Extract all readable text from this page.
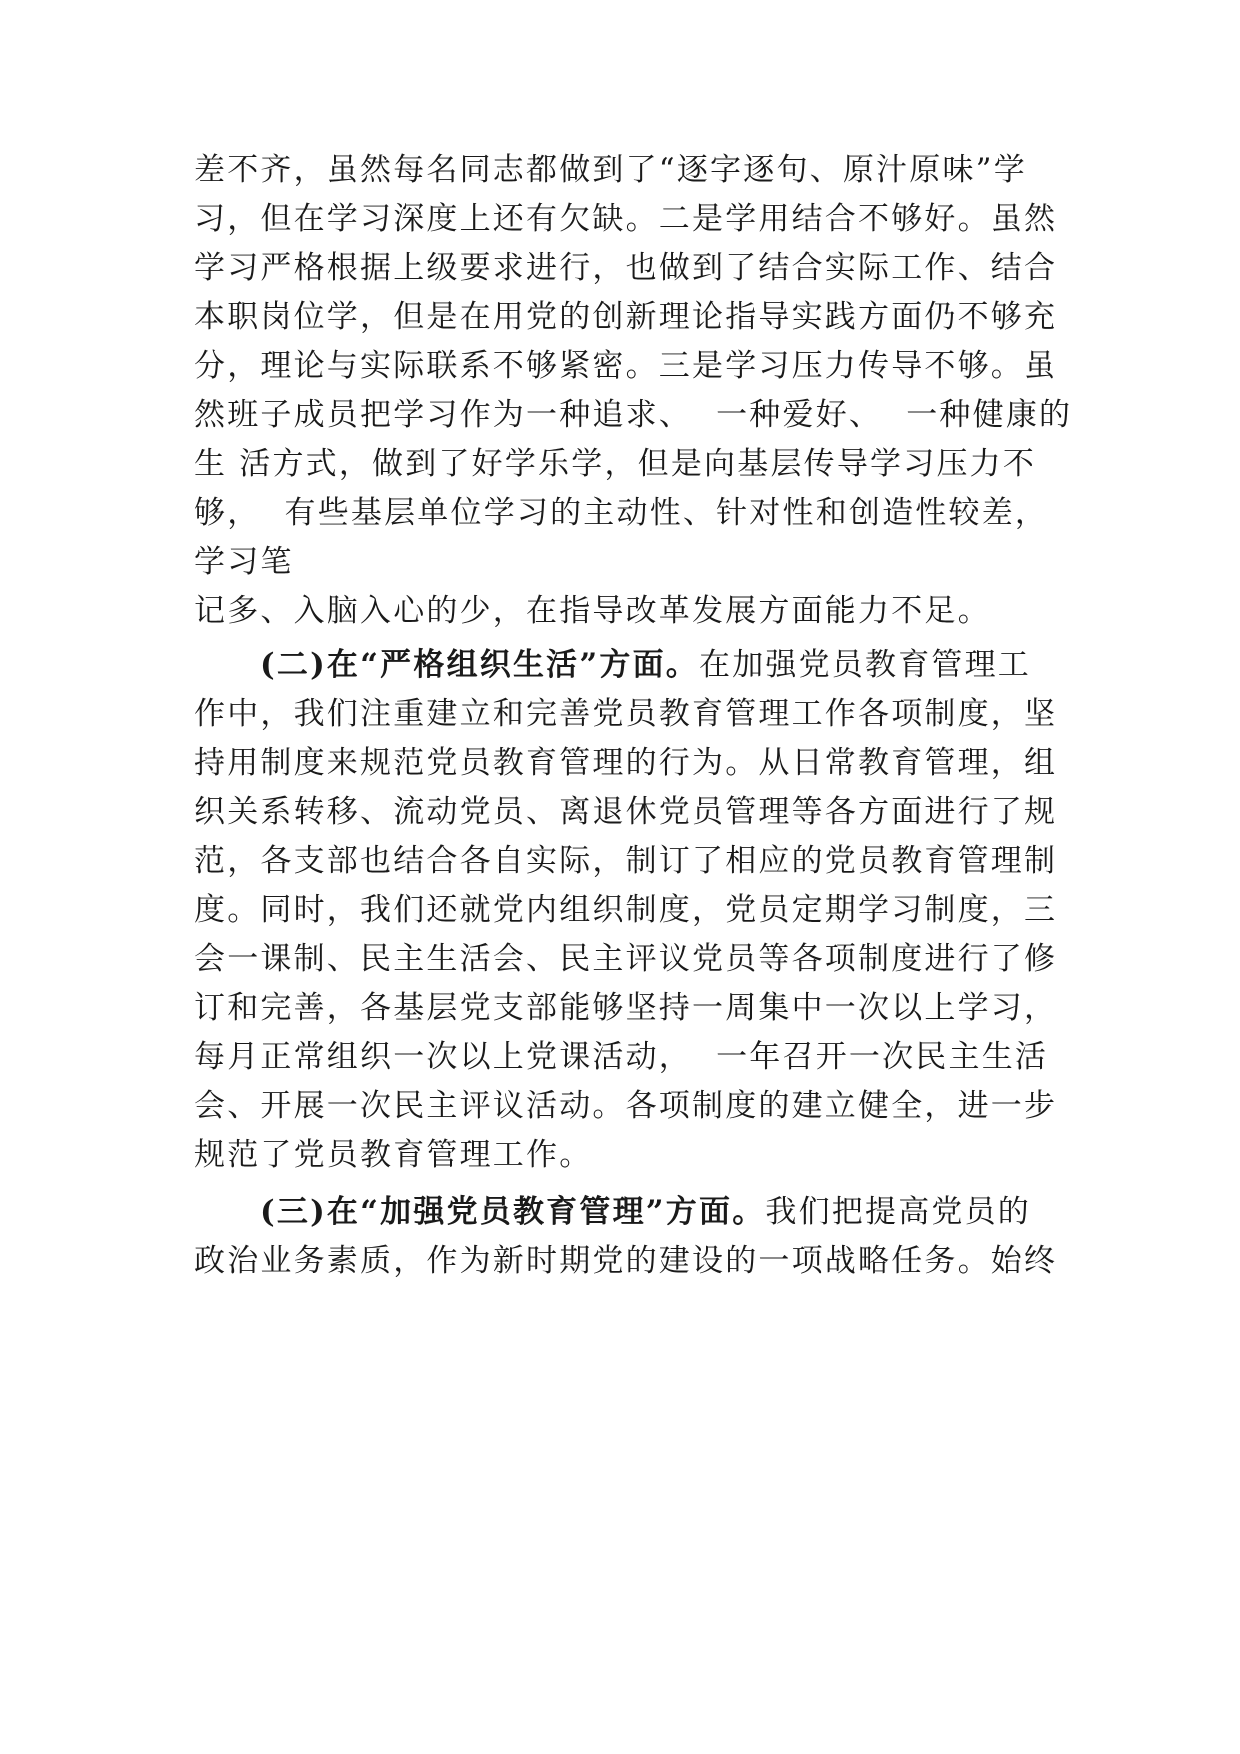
差不齐，虽然每名同志都做到了“逐字逐句、原汁原味”学
习，但在学习深度上还有欠缺。二是学用结合不够好。虽然
学习严格根据上级要求进行，也做到了结合实际工作、结合
本职岗位学，但是在用党的创新理论指导实践方面仍不够充
分，理论与实际联系不够紧密。三是学习压力传导不够。虽
然班子成员把学习作为一种追求、  一种爱好、  一种健康的
生 活方式，做到了好学乐学，但是向基层传导学习压力不
够，  有些基层单位学习的主动性、针对性和创造性较差，
学习笔
记多、入脑入心的少，在指导改革发展方面能力不足。
(二)在“严格组织生活”方面。在加强党员教育管理工
作中，我们注重建立和完善党员教育管理工作各项制度，坚
持用制度来规范党员教育管理的行为。从日常教育管理，组
织关系转移、流动党员、离退休党员管理等各方面进行了规
范，各支部也结合各自实际，制订了相应的党员教育管理制
度。同时，我们还就党内组织制度，党员定期学习制度，三
会一课制、民主生活会、民主评议党员等各项制度进行了修
订和完善，各基层党支部能够坚持一周集中一次以上学习，
每月正常组织一次以上党课活动，  一年召开一次民主生活
会、开展一次民主评议活动。各项制度的建立健全，进一步
规范了党员教育管理工作。
(三)在“加强党员教育管理”方面。我们把提高党员的
政治业务素质，作为新时期党的建设的一项战略任务。始终
